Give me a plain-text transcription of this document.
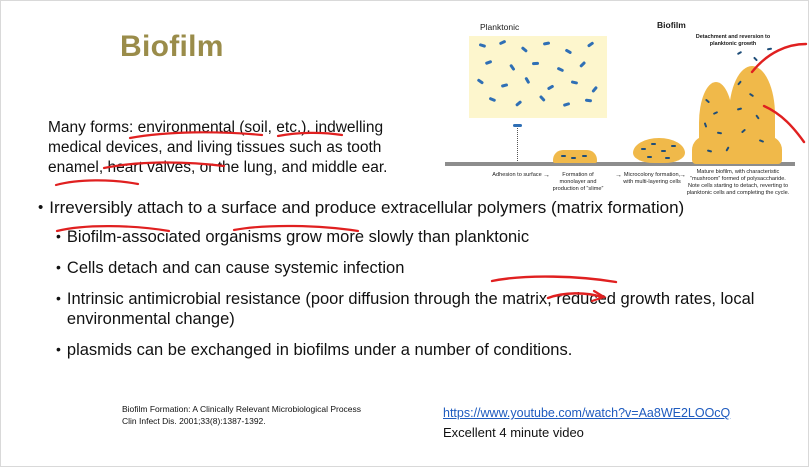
Biofilm
Many forms: environmental (soil, etc.), indwelling
medical devices, and living tissues such as tooth
enamel, heart valves, or the lung, and middle ear.
• Irreversibly attach to a surface and produce extracellular polymers (matrix formation)
• Biofilm-associated organisms grow more slowly than planktonic
• Cells detach and can cause systemic infection
• Intrinsic antimicrobial resistance (poor diffusion through the matrix, reduced growth rates, local environmental change)
• plasmids can be exchanged in biofilms under a number of conditions.
Biofilm Formation: A Clinically Relevant Microbiological Process
Clin Infect Dis. 2001;33(8):1387-1392.
https://www.youtube.com/watch?v=Aa8WE2LOOcQ
Excellent 4 minute video
Planktonic	Biofilm
Detachment and reversion to planktonic growth
Adhesion to surface	Formation of monolayer and production of “slime”
Microcolony formation, with multi-layering cells
Mature biofilm, with characteristic “mushroom” formed of polysaccharide. Note cells starting to detach, reverting to planktonic cells and completing the cycle.
→	→	→
